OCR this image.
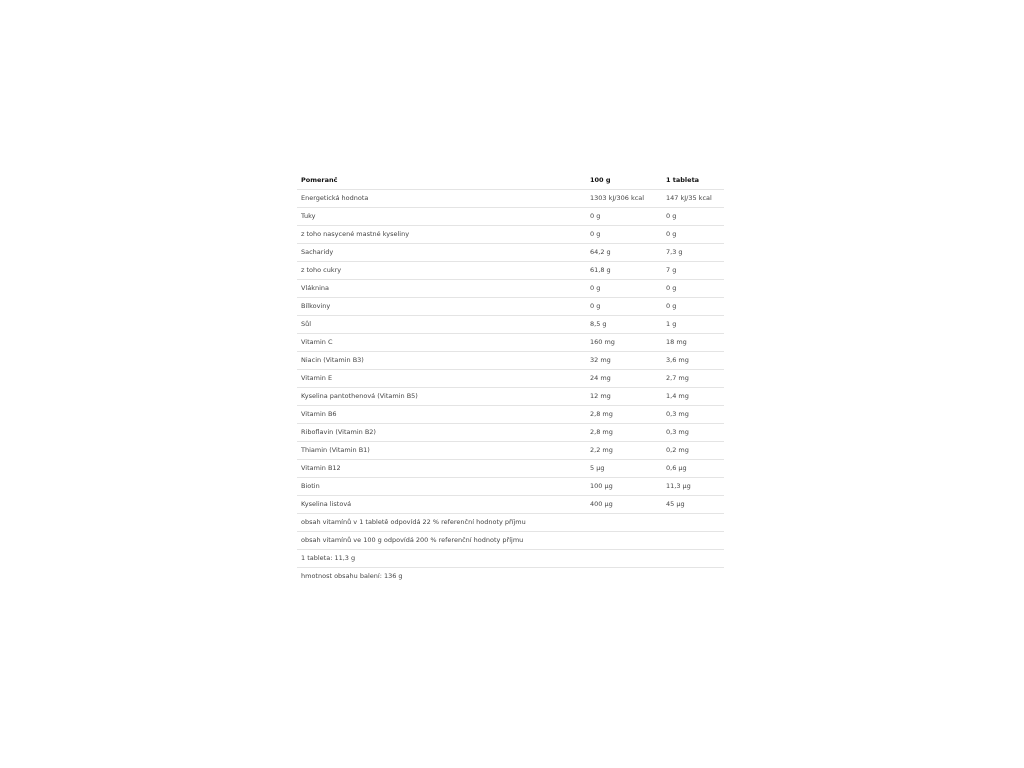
Pomeranč	100 g	1 tableta
Energetická hodnota	1303 kJ/306 kcal	147 kJ/35 kcal
Tuky	0 g	0 g
z toho nasycené mastné kyseliny	0 g	0 g
Sacharidy	64,2 g	7,3 g
z toho cukry	61,8 g	7 g
Vláknina	0 g	0 g
Bílkoviny	0 g	0 g
Sůl	8,5 g	1 g
Vitamin C	160 mg	18 mg
Niacin (Vitamin B3)	32 mg	3,6 mg
Vitamin E	24 mg	2,7 mg
Kyselina pantothenová (Vitamin B5)	12 mg	1,4 mg
Vitamin B6	2,8 mg	0,3 mg
Riboflavin (Vitamin B2)	2,8 mg	0,3 mg
Thiamin (Vitamin B1)	2,2 mg	0,2 mg
Vitamin B12	5 µg	0,6 µg
Biotin	100 µg	11,3 µg
Kyselina listová	400 µg	45 µg
obsah vitamínů v 1 tabletě odpovídá 22 % referenční hodnoty příjmu		
obsah vitamínů ve 100 g odpovídá 200 % referenční hodnoty příjmu		
1 tableta: 11,3 g		
hmotnost obsahu balení: 136 g		
